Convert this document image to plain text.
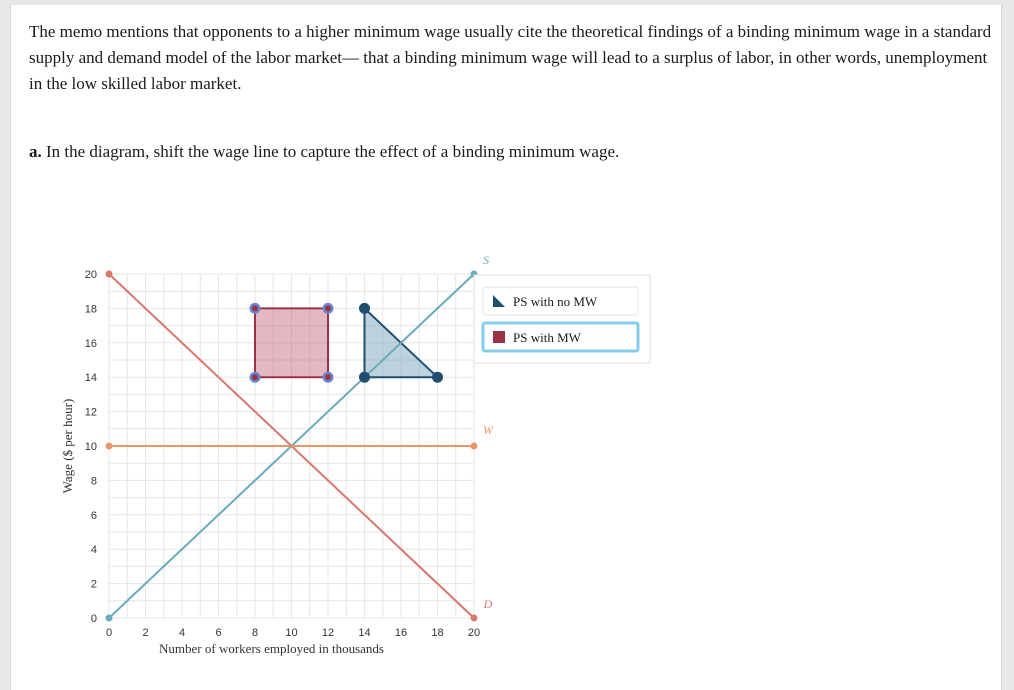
The memo mentions that opponents to a higher minimum wage usually cite the theoretical findings of a binding minimum wage in a standard supply and demand model of the labor market— that a binding minimum wage will lead to a surplus of labor, in other words, unemployment in the low skilled labor market.

a. In the diagram, shift the wage line to capture the effect of a binding minimum wage.

0	2	4	6	8 10 12 14 16 18 20
0
2
4
6
8
10
12
14
16
18
20
Number of workers employed in thousands
Wage ($ per hour)
S
D
W
PS with no MW
PS with MW
